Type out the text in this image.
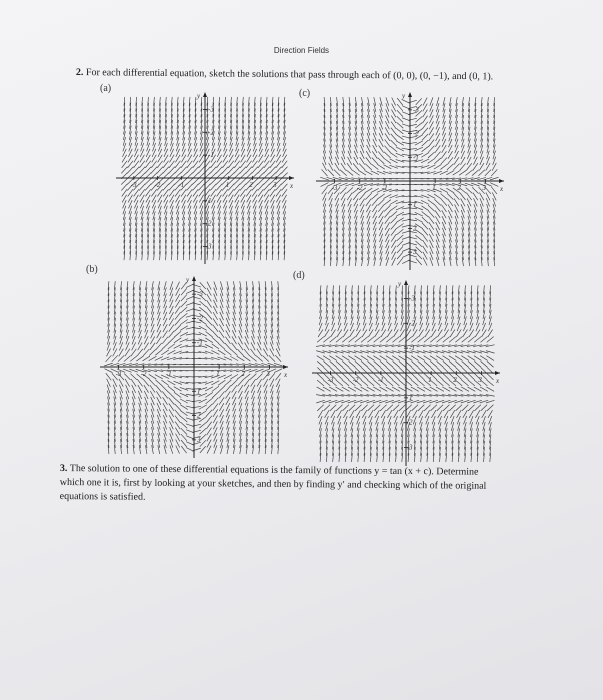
Direction Fields
2. For each differential equation, sketch the solutions that pass through each of (0, 0), (0, −1), and (0, 1).
(a)	(c)
(b)
(d)
-3
3
-2
2
-1
1
1
-1
2
-2
3
-3
x
y
-3
3
-2
2
-1
1
1
-1
2
-2
3
-3
x
y
-3
3
-2
2
-1
1
1
-1
2
-2
3
-3
x
y
-3
3
-2
2
-1
1
1
-1
2
-2
3
-3
x
y
3. The solution to one of these differential equations is the family of functions y = tan (x + c). Determine
which one it is, first by looking at your sketches, and then by finding y′ and checking which of the original
equations is satisfied.
